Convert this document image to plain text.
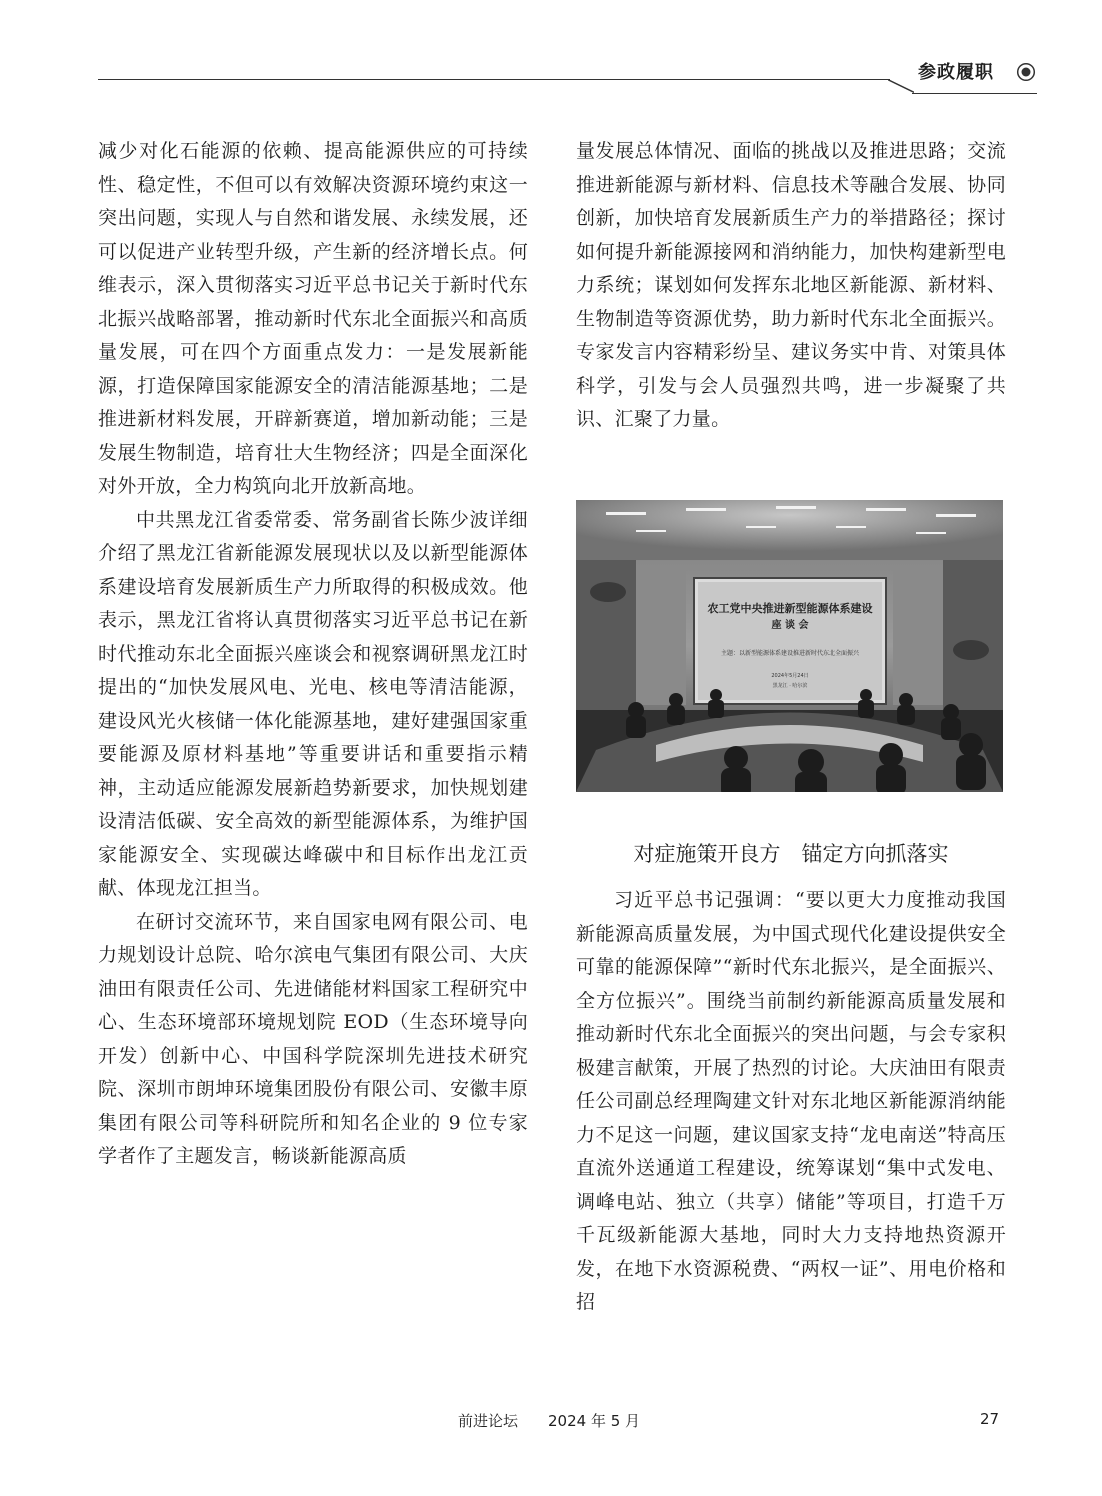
参政履职

减少对化石能源的依赖、提高能源供应的可持续性、稳定性，不但可以有效解决资源环境约束这一突出问题，实现人与自然和谐发展、永续发展，还可以促进产业转型升级，产生新的经济增长点。何维表示，深入贯彻落实习近平总书记关于新时代东北振兴战略部署，推动新时代东北全面振兴和高质量发展，可在四个方面重点发力：一是发展新能源，打造保障国家能源安全的清洁能源基地；二是推进新材料发展，开辟新赛道，增加新动能；三是发展生物制造，培育壮大生物经济；四是全面深化对外开放，全力构筑向北开放新高地。

中共黑龙江省委常委、常务副省长陈少波详细介绍了黑龙江省新能源发展现状以及以新型能源体系建设培育发展新质生产力所取得的积极成效。他表示，黑龙江省将认真贯彻落实习近平总书记在新时代推动东北全面振兴座谈会和视察调研黑龙江时提出的“加快发展风电、光电、核电等清洁能源，建设风光火核储一体化能源基地，建好建强国家重要能源及原材料基地”等重要讲话和重要指示精神，主动适应能源发展新趋势新要求，加快规划建设清洁低碳、安全高效的新型能源体系，为维护国家能源安全、实现碳达峰碳中和目标作出龙江贡献、体现龙江担当。

在研讨交流环节，来自国家电网有限公司、电力规划设计总院、哈尔滨电气集团有限公司、大庆油田有限责任公司、先进储能材料国家工程研究中心、生态环境部环境规划院 EOD（生态环境导向开发）创新中心、中国科学院深圳先进技术研究院、深圳市朗坤环境集团股份有限公司、安徽丰原集团有限公司等科研院所和知名企业的 9 位专家学者作了主题发言，畅谈新能源高质

量发展总体情况、面临的挑战以及推进思路；交流推进新能源与新材料、信息技术等融合发展、协同创新，加快培育发展新质生产力的举措路径；探讨如何提升新能源接网和消纳能力，加快构建新型电力系统；谋划如何发挥东北地区新能源、新材料、生物制造等资源优势，助力新时代东北全面振兴。专家发言内容精彩纷呈、建议务实中肯、对策具体科学，引发与会人员强烈共鸣，进一步凝聚了共识、汇聚了力量。

农工党中央推进新型能源体系建设
座 谈 会
主题：以新型能源体系建设推进新时代东北全面振兴
2024年5月24日
黑龙江 · 哈尔滨
对症施策开良方　锚定方向抓落实

习近平总书记强调：“要以更大力度推动我国新能源高质量发展，为中国式现代化建设提供安全可靠的能源保障”“新时代东北振兴，是全面振兴、全方位振兴”。围绕当前制约新能源高质量发展和推动新时代东北全面振兴的突出问题，与会专家积极建言献策，开展了热烈的讨论。大庆油田有限责任公司副总经理陶建文针对东北地区新能源消纳能力不足这一问题，建议国家支持“龙电南送”特高压直流外送通道工程建设，统筹谋划“集中式发电、调峰电站、独立（共享）储能”等项目，打造千万千瓦级新能源大基地，同时大力支持地热资源开发，在地下水资源税费、“两权一证”、用电价格和招

前进论坛 2024 年 5 月	27
